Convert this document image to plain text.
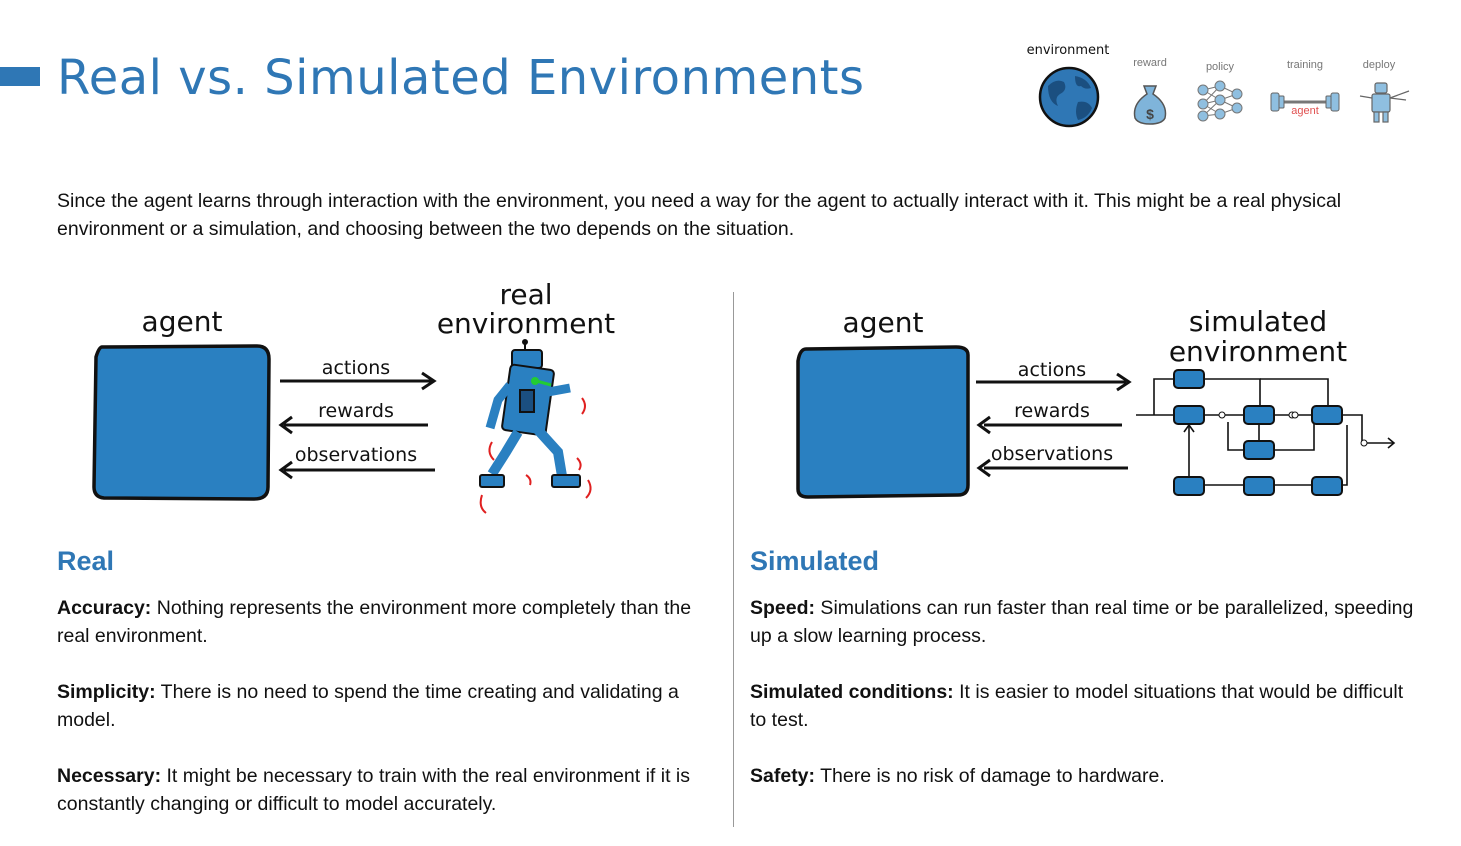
Real vs. Simulated Environments	environment
reward
$
policy	training
agent
deploy

Since the agent learns through interaction with the environment, you need a way for the agent to actually interact with it. This might be a real physical environment or a simulation, and choosing between the two depends on the situation.

agent
real
environment
actions
rewards
observations
agent	simulated
environment
actions
rewards
observations
Real
Accuracy: Nothing represents the environment more completely than the real environment.
Simplicity: There is no need to spend the time creating and validating a model.
Necessary: It might be necessary to train with the real environment if it is constantly changing or difficult to model accurately.
Simulated
Speed: Simulations can run faster than real time or be parallelized, speeding up a slow learning process.
Simulated conditions: It is easier to model situations that would be difficult to test.
Safety: There is no risk of damage to hardware.
